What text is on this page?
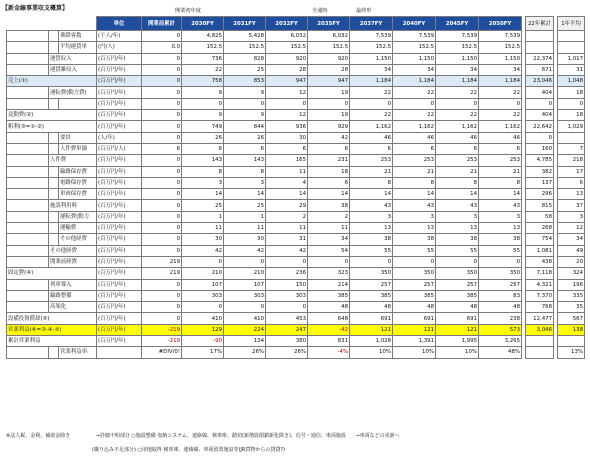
【新金線事業収支概算】	開業初年度	全通時	最終形
			単位	開業前累計	2030FY	2031FY	2032FY	2035FY	2037FY	2040FY	2045FY	2050FY		22年累計		1年平均
		乗降客数	(千人/年)	0	4,825	5,428	6,032	6,032	7,539	7,539	7,539	7,539				
		平均運賃単	(円/人)	0.0	152.5	152.5	152.5	152.5	152.5	152.5	152.5	152.5				
	運賃収入		(百万円/年)	0	736	828	920	920	1,150	1,150	1,150	1,150		22,374		1,017
	運賃雑収入		(百万円/年)	0	22	25	28	28	34	34	34	34		671		31
売上(①)			(百万円/年)	0	758	853	947	947	1,184	1,184	1,184	1,184		23,046		1,048
	運転費(動力費)		(百万円/年)	0	9	9	12	19	22	22	22	22		404		18
			(百万円/年)	0	0	0	0	0	0	0	0	0		0		0
変動費(②)			(百万円/年)	0	9	9	12	19	22	22	22	22		404		18
粗利(③=①-②)			(百万円/年)	0	749	844	936	929	1,162	1,162	1,162	1,162		22,642		1,029
		要員	(人/年)	0	26	26	30	42	46	46	46	46		0		
		人件費単価	(百万円/人)	6	6	6	6	6	6	6	6	6		160		7
	人件費		(百万円/年)	0	143	143	165	231	253	253	253	253		4,785		218
		線路保存費	(百万円/年)	0	8	8	11	18	21	21	21	21		382		17
		電路保存費	(百万円/年)	0	3	3	4	6	8	8	8	8		137		6
		車両保存費	(百万円/年)	0	14	14	14	14	14	14	14	14		296		13
	施設利用料		(百万円/年)	0	25	25	29	38	43	43	43	43		815		37
		運転費(動力	(百万円/年)	0	1	1	2	2	3	3	3	3		58		3
		運輸費	(百万円/年)	0	11	11	11	11	13	13	13	13		268		12
		その他経費	(百万円/年)	0	30	30	31	34	38	38	38	38		754		34
	その他経費		(百万円/年)	0	42	42	42	54	55	55	55	55		1,081		49
	開業前経費		(百万円/年)	219	0	0	0	0	0	0	0	0		438		20
固定費(④)			(百万円/年)	219	210	210	236	323	350	350	350	350		7,118		324
	列車導入		(百万円/年)	0	107	107	150	214	257	257	257	257		4,321		196
	線路整備		(百万円/年)	0	303	303	303	385	385	385	385	83		7,370		335
	高架化		(百万円/年)	0	0	0	0	48	48	48	48	48		768		35
設備投資償却(⑤)			(百万円/年)	0	410	410	453	648	691	691	691	238		12,477		567
営業利益(⑥=③-④-⑤)			(百万円/年)	-219	129	224	247	-42	121	121	121	573		3,046		138
累計営業利益			(百万円/年)	-219	-90	134	380	831	1,028	1,391	1,995	3,265				
		営業利益率:		#DIV/0!	17%	26%	26%	-4%	10%	10%	10%	48%				13%
※法人税、金利、補助金除き	→詳細不明部分 ○施設整備 収納システム、連絡線、検車庫、踏切(新増設閉鎖新化除き)、信号・通信、車両施設 →車両などの更新へ
(織り込み不足部分) ○用地取得 検車庫、連絡線、車両留置施設等(JR貨物からの貸貸?)
